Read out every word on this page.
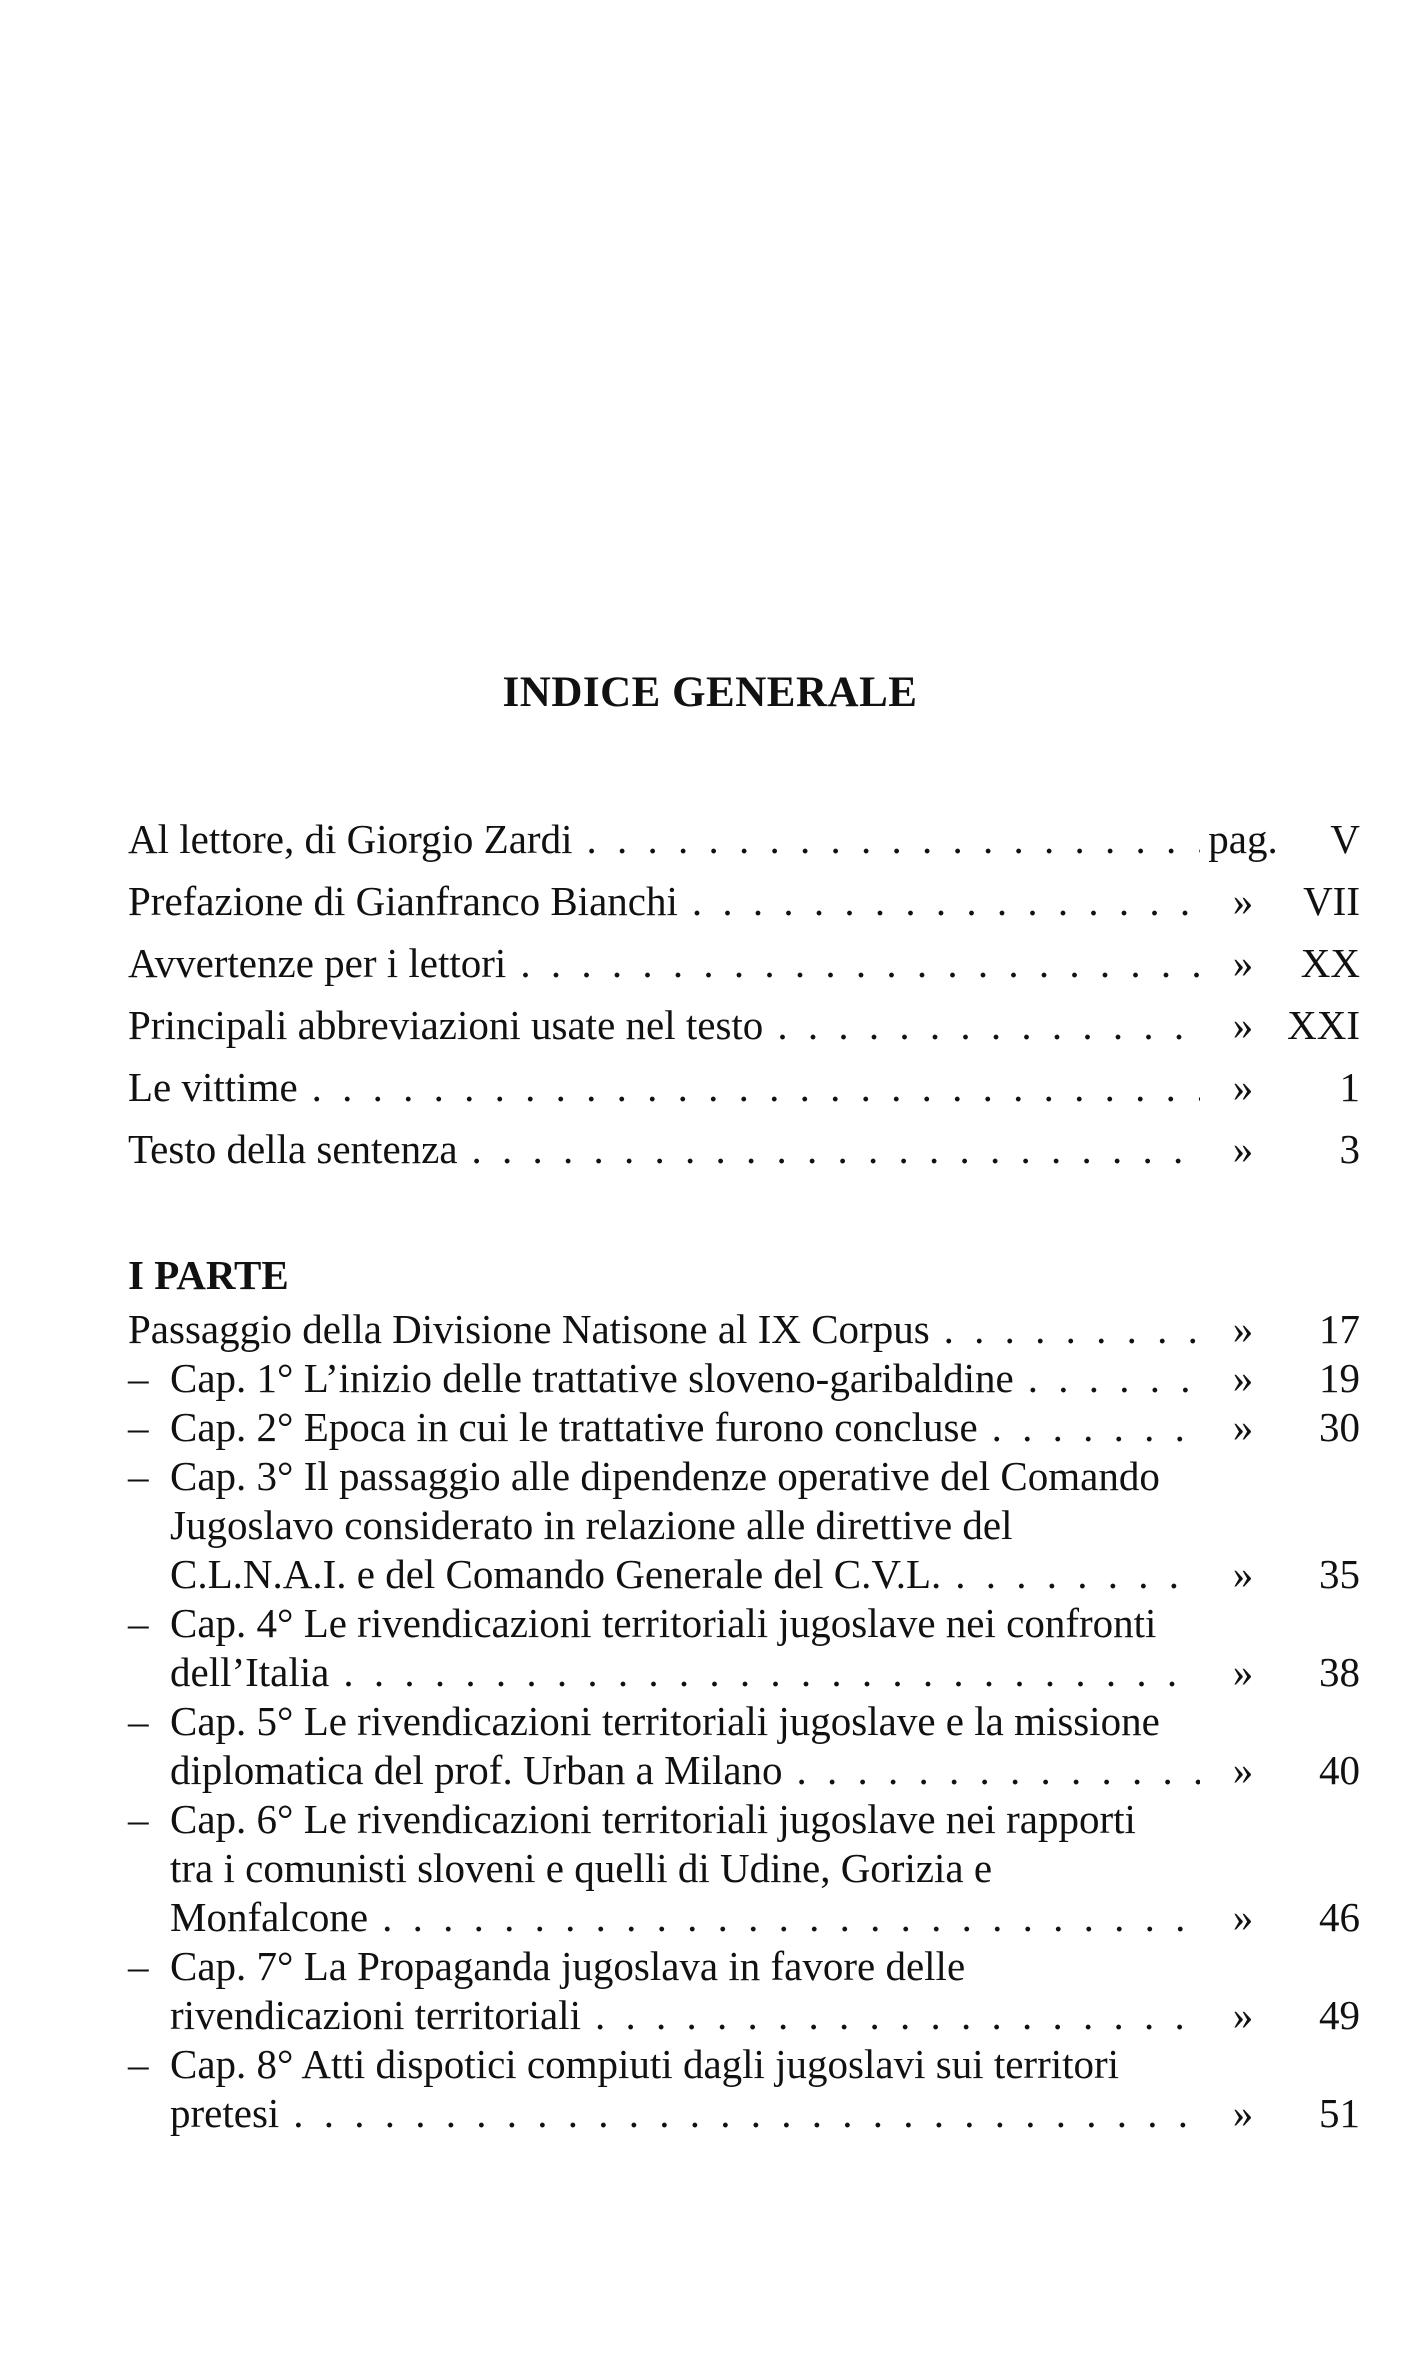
INDICE GENERALE
Al lettore, di Giorgio Zardi . . .	pag.	V
Prefazione di Gianfranco Bianchi . . .	»	VII
Avvertenze per i lettori . . .	»	XX
Principali abbreviazioni usate nel testo . . .	» XXI
Le vittime . . .	»	1
Testo della sentenza . . .	»	3
I PARTE
Passaggio della Divisione Natisone al IX Corpus . . .	»	17
– Cap. 1° L’inizio delle trattative sloveno-garibaldine . . .	»	19
– Cap. 2° Epoca in cui le trattative furono concluse . . .	»	30
– Cap. 3° Il passaggio alle dipendenze operative del Comando
Jugoslavo considerato in relazione alle direttive del
C.L.N.A.I. e del Comando Generale del C.V.L. . . .	»	35
– Cap. 4° Le rivendicazioni territoriali jugoslave nei confronti
dell’Italia . . .	»	38
– Cap. 5° Le rivendicazioni territoriali jugoslave e la missione
diplomatica del prof. Urban a Milano . . .	»	40
– Cap. 6° Le rivendicazioni territoriali jugoslave nei rapporti
tra i comunisti sloveni e quelli di Udine, Gorizia e
Monfalcone . . .	»	46
– Cap. 7° La Propaganda jugoslava in favore delle
rivendicazioni territoriali . . .	»	49
– Cap. 8° Atti dispotici compiuti dagli jugoslavi sui territori
pretesi . . .	»	51
